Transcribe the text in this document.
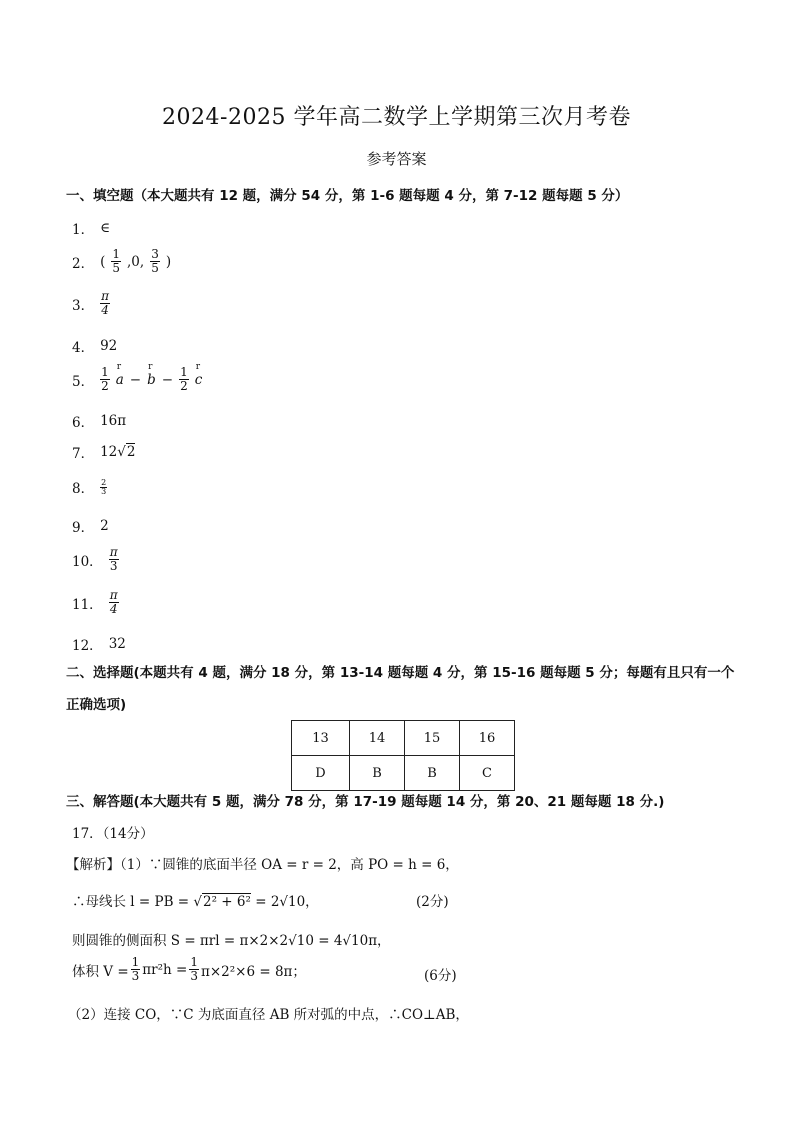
2024-2025 学年高二数学上学期第三次月考卷
参考答案
一、填空题（本大题共有 12 题，满分 54 分，第 1-6 题每题 4 分，第 7-12 题每题 5 分）
1． ∈
2． ( $\frac{1}{5} ,0$, $\frac{3}{5}$ )
3． $\frac{\pi}{4}$
4． 92
5． $\frac{1}{2}$ r a − r $b - \frac{1}{2}$ r c
6． 16π
7． 12√2
8． $\frac{2}{3}$
9． 2
10． $\frac{\pi}{3}$
11． $\frac{\pi}{4}$
12． 32
二、选择题(本题共有 4 题，满分 18 分，第 13-14 题每题 4 分，第 15-16 题每题 5 分；每题有且只有一个正确选项)
13	14	15	16
D	B	B	C
三、解答题(本大题共有 5 题，满分 78 分，第 17-19 题每题 14 分，第 20、21 题每题 18 分.)
17．（14分）
【解析】（1）∵圆锥的底面半径 OA = r = 2，高 PO = h = 6，
∴母线长 l = PB = √2² + 6² = 2√10，	(2分)
则圆锥的侧面积 S = πrl = π×2×2√10 = 4√10π，
体积 $V = \frac{1}{3} \pi r^2h = \frac{1}{3} \pi\times 2^2\times 6 = 8\pi$；	(6分)
（2）连接 CO，∵C 为底面直径 AB 所对弧的中点，∴CO⊥AB，
